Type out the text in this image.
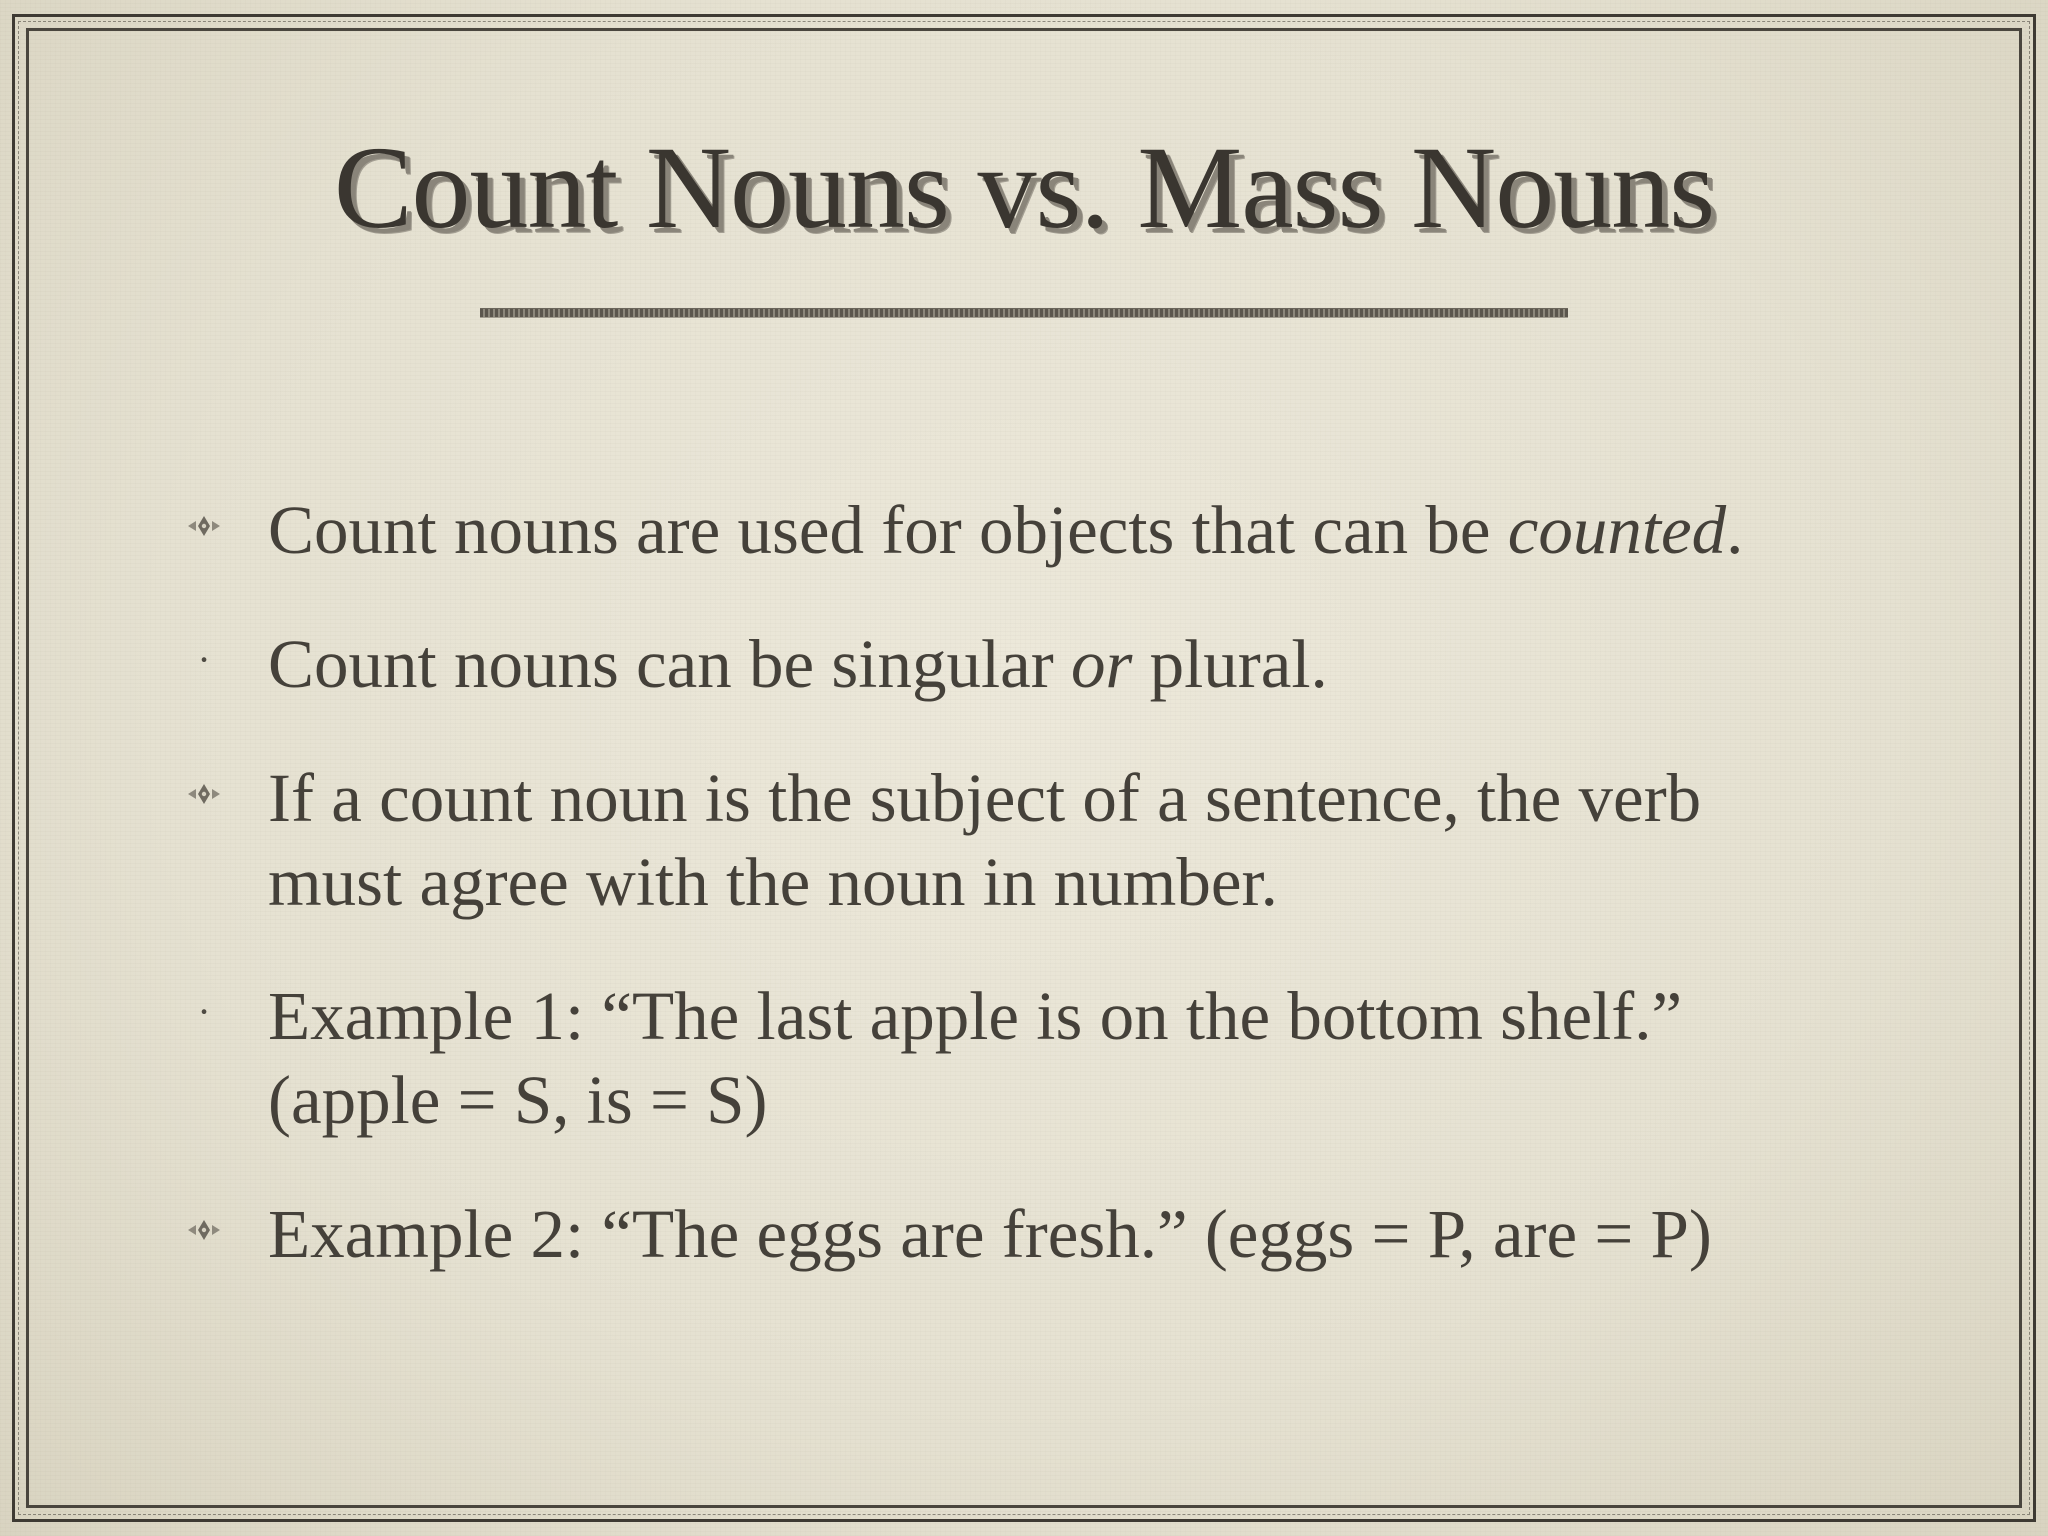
Count Nouns vs. Mass Nouns
Count nouns are used for objects that can be counted.
· Count nouns can be singular or plural.
If a count noun is the subject of a sentence, the verb
must agree with the noun in number.
· Example 1: “The last apple is on the bottom shelf.”
(apple = S, is = S)
Example 2: “The eggs are fresh.” (eggs = P, are = P)
